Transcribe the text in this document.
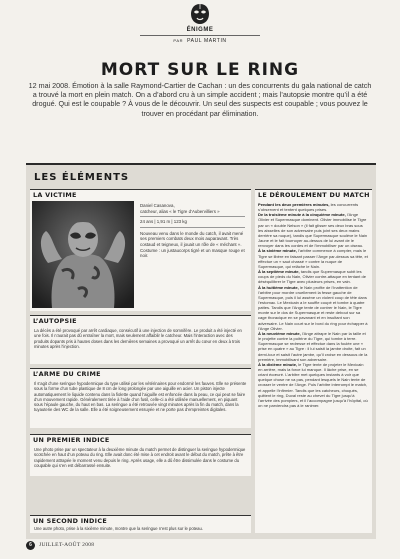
ÉNIGME
PAR PAUL MARTIN
MORT SUR LE RING
12 mai 2008. Émotion à la salle Raymond-Cartier de Cachan : un des concurrents du gala national de catch a trouvé la mort en plein match. On a d’abord cru à un simple accident ; mais l’autopsie montre qu’il a été drogué. Qui est le coupable ? À vous de le découvrir. Un seul des suspects est coupable ; vous pouvez le trouver en procédant par élimination.
LES ÉLÉMENTS
LA VICTIME
Daniel Casanova,
catcheur, alias « le Tigre d’Aubervilliers »
24 ans | 1,91 m | 123 kg
Nouveau venu dans le monde du catch, il avait mené ses premiers combats deux mois auparavant. Très costaud et teigneux, il jouait un rôle de « méchant ».
Costume : un justaucorps tigré et un masque rouge et noir.
L’AUTOPSIE
La décès a été provoqué par arrêt cardiaque, consécutif à une injection de somnifère. Le produit a été injecté en une fois. Il n’aurait pas dû entraîner la mort, mais seulement affaiblir le catcheur. Mais l’interaction avec des produits dopants pris à hautes doses dans les dernières semaines a provoqué un arrêt du cœur en deux à trois minutes après l’injection.
L’ARME DU CRIME
Il s’agit d’une seringue hypodermique du type utilisé par les vétérinaires pour endormir les fauves. Elle se présente sous la forme d’un tube plastique de 8 cm de long prolongée par une aiguille en acier. Un piston injecte automatiquement le liquide contenu dans la fiolette quand l’aiguille est enfoncée dans la peau, ce qui peut se faire d’un mouvement rapide. Généralement tirée à l’aide d’un fusil, celle-ci a été utilisée manuellement, en piquant sous l’épaule gauche, du haut en bas. La seringue a été retrouvée vingt minutes après la fin du match, dans la tuyauterie des WC de la salle. Elle a été soigneusement essuyée et ne porte pas d’empreintes digitales.
UN PREMIER INDICE
Une photo prise par un spectateur à la deuxième minute du match permet de distinguer la seringue hypodermique scotchée en haut d’un poteau du ring. Elle avait donc été mise à cet endroit avant le début du match, prête à être rapidement attrapée le moment venu depuis le ring. Après usage, elle a dû être dissimulée dans le costume du coupable qui s’en est débarrassé ensuite.
UN SECOND INDICE
Une autre photo, prise à la sixième minute, montre que la seringue n’est plus sur le poteau.
LE DÉROULEMENT DU MATCH
Pendant les deux premières minutes, les concurrents s’observent et tentent quelques prises.
De la troisième minute à la cinquième minute, l’Ange Olivier et Supermasque dominent. Olivier immobilise le Tigre par un « double Nelson » (il fait glisser ses deux bras sous les aisselles de son adversaire puis joint ses deux mains derrière sa nuque), tandis que Supermasque soulève le Nain Jaune et le fait tournoyer au-dessus de lui avant de le renvoyer dans les cordes et de l’immobiliser par un ciseau.
À la sixième minute, l’arbitre commence à compter, mais le Tigre se libère en faisant passer l’Ange par-dessus sa tête, et effectue un « saut chassé » contre la nuque de Supermasque, qui relâche le Nain.
À la septième minute, tandis que Supermasque subit les coups de pieds du Nain, Olivier contre-attaque en tentant de déséquilibrer le Tigre avec plusieurs prises, en vain.
À la huitième minute, le Nain profite de l’inattention de l’arbitre pour mordre cruellement la fesse gauche de Supermasque, puis il lui assène un violent coup de tête dans l’estomac. Le Mexicain a le souffle coupé et tombe à quatre pattes. Tandis que l’Ange tente de contrer le Nain, le Tigre monte sur le dos de Supermasque et reste debout sur sa cage thoracique en se pavanant et en insultant son adversaire. Le Nain court sur le bord du ring pour échapper à l’Ange Olivier.
À la neuvième minute, l’Ange attrape le Nain par la taille et le projette contre la poitrine du Tigre, qui tombe à terre. Supermasque se redresse et effectue dans la foulée une « prise en quatre » au Tigre : il lui saisit la jambe droite, fait un demi-tour et saisit l’autre jambe, qu’il croise en dessous de la première, immobilisant son adversaire.
À la dixième minute, le Tigre tente de projeter le Mexicain en arrière, mais la force lui manque. Il lâche prise, en se criant écœuré. L’arbitre met quelques instants à voir que quelque chose ne va pas, pendant lesquels le Nain tente de crosser le ventre de l’Ange. Puis l’arbitre interrompt le match, et appelle l’infirmier. Tandis que les catcheurs, choqués, quittent le ring, Duval reste au chevet du Tigre jusqu’à l’arrivée des pompiers, et il l’accompagne jusqu’à l’hôpital, où on ne parviendra pas à le ranimer.
6	JUILLET-AOÛT 2008
